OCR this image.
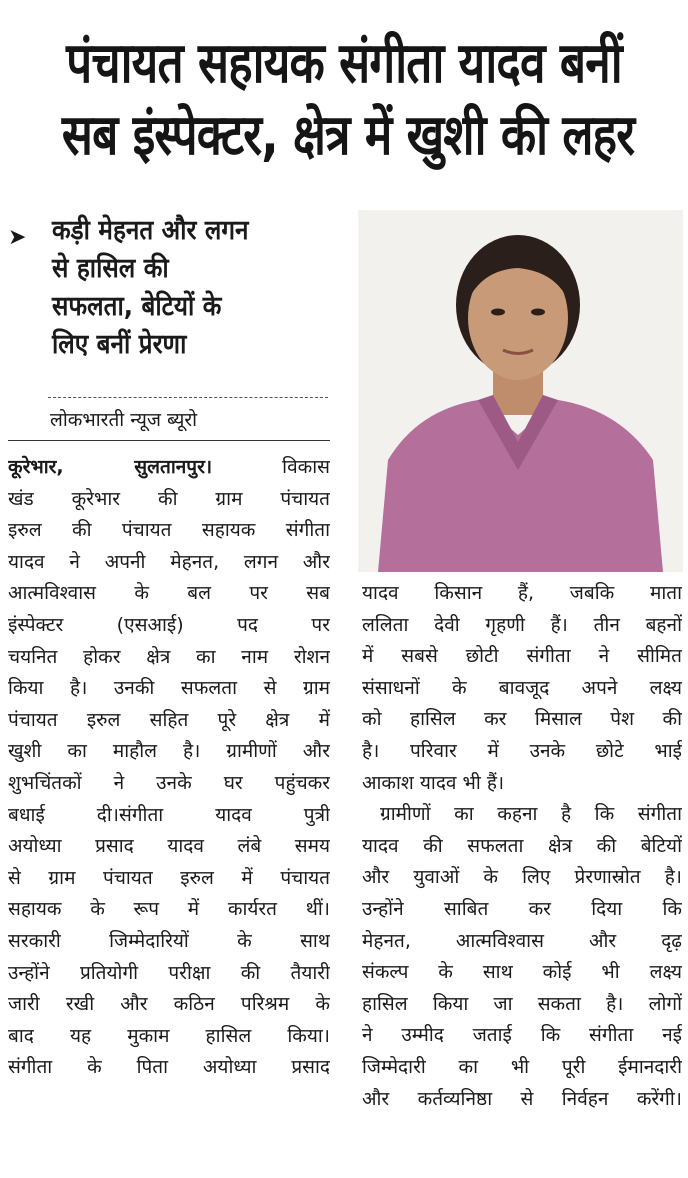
पंचायत सहायक संगीता यादव बनीं
सब इंस्पेक्टर, क्षेत्र में खुशी की लहर
➤ कड़ी मेहनत और लगन
से हासिल की
सफलता, बेटियों के
लिए बनीं प्रेरणा
लोकभारती न्यूज ब्यूरो
कूरेभार, सुलतानपुर।	विकास
खंड कूरेभार की ग्राम पंचायत
इरुल की पंचायत सहायक संगीता
यादव ने अपनी मेहनत, लगन और
आत्मविश्वास के बल पर सब
इंस्पेक्टर (एसआई) पद पर
चयनित होकर क्षेत्र का नाम रोशन
किया है। उनकी सफलता से ग्राम
पंचायत इरुल सहित पूरे क्षेत्र में
खुशी का माहौल है। ग्रामीणों और
शुभचिंतकों ने उनके घर पहुंचकर
बधाई दी।संगीता यादव पुत्री
अयोध्या प्रसाद यादव लंबे समय
से ग्राम पंचायत इरुल में पंचायत
सहायक के रूप में कार्यरत थीं।
सरकारी जिम्मेदारियों के साथ
उन्होंने प्रतियोगी परीक्षा की तैयारी
जारी रखी और कठिन परिश्रम के
बाद यह मुकाम हासिल किया।
संगीता के पिता अयोध्या प्रसाद
यादव किसान हैं, जबकि माता
ललिता देवी गृहणी हैं। तीन बहनों
में सबसे छोटी संगीता ने सीमित
संसाधनों के बावजूद अपने लक्ष्य
को हासिल कर मिसाल पेश की
है। परिवार में उनके छोटे भाई
आकाश यादव भी हैं।
ग्रामीणों का कहना है कि संगीता
यादव की सफलता क्षेत्र की बेटियों
और युवाओं के लिए प्रेरणास्रोत है।
उन्होंने साबित कर दिया कि
मेहनत, आत्मविश्वास और दृढ़
संकल्प के साथ कोई भी लक्ष्य
हासिल किया जा सकता है। लोगों
ने उम्मीद जताई कि संगीता नई
जिम्मेदारी का भी पूरी ईमानदारी
और कर्तव्यनिष्ठा से निर्वहन करेंगी।
